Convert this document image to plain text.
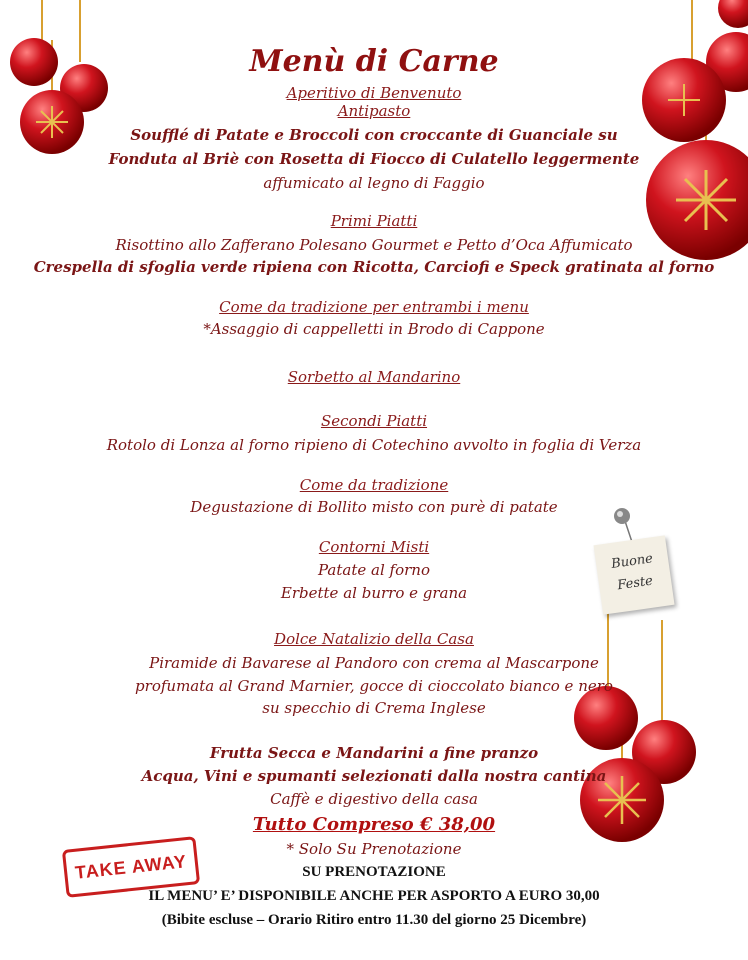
Buone
Feste
TAKE AWAY
Menù di Carne
Aperitivo di Benvenuto
Antipasto
Soufflé di Patate e Broccoli con croccante di Guanciale su
Fonduta al Briè con Rosetta di Fiocco di Culatello leggermente
affumicato al legno di Faggio
Primi Piatti
Risottino allo Zafferano Polesano Gourmet e Petto d’Oca Affumicato
Crespella di sfoglia verde ripiena con Ricotta, Carciofi e Speck gratinata al forno
Come da tradizione per entrambi i menu
*Assaggio di cappelletti in Brodo di Cappone
Sorbetto al Mandarino
Secondi Piatti
Rotolo di Lonza al forno ripieno di Cotechino avvolto in foglia di Verza
Come da tradizione
Degustazione di Bollito misto con purè di patate
Contorni Misti
Patate al forno
Erbette al burro e grana
Dolce Natalizio della Casa
Piramide di Bavarese al Pandoro con crema al Mascarpone
profumata al Grand Marnier, gocce di cioccolato bianco e nero
su specchio di Crema Inglese
Frutta Secca e Mandarini a fine pranzo
Acqua, Vini e spumanti selezionati dalla nostra cantina
Caffè e digestivo della casa
Tutto Compreso € 38,00
* Solo Su Prenotazione
SU PRENOTAZIONE
IL MENU’ E’ DISPONIBILE ANCHE PER ASPORTO A EURO 30,00
(Bibite escluse – Orario Ritiro entro 11.30 del giorno 25 Dicembre)
